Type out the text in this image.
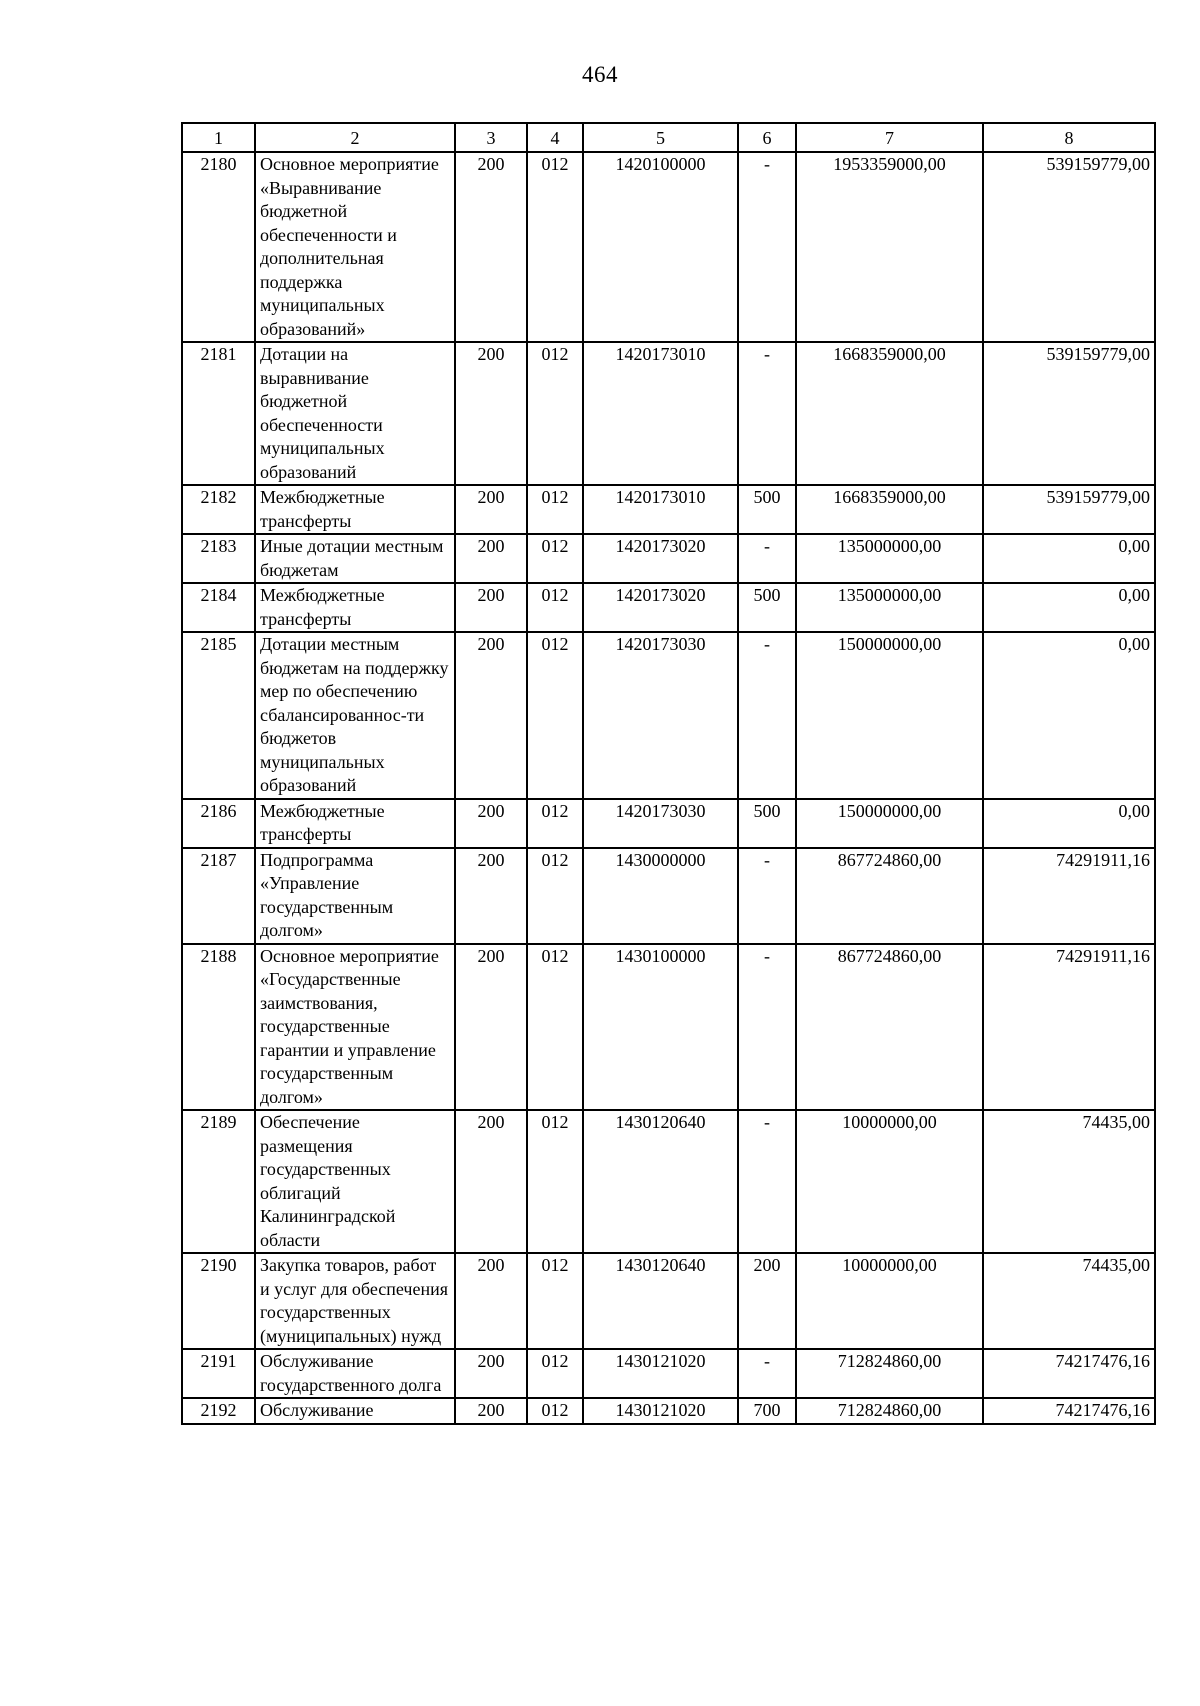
464
1	2	3	4	5	6	7	8
2180	Основное мероприятие «Выравнивание бюджетной обеспеченности и дополнительная поддержка муниципальных образований»	200	012	1420100000	-	1953359000,00	539159779,00
2181	Дотации на выравнивание бюджетной обеспеченности муниципальных образований	200	012	1420173010	-	1668359000,00	539159779,00
2182	Межбюджетные трансферты	200	012	1420173010	500	1668359000,00	539159779,00
2183	Иные дотации местным бюджетам	200	012	1420173020	-	135000000,00	0,00
2184	Межбюджетные трансферты	200	012	1420173020	500	135000000,00	0,00
2185	Дотации местным бюджетам на поддержку мер по обеспечению сбалансированнос-ти бюджетов муниципальных образований	200	012	1420173030	-	150000000,00	0,00
2186	Межбюджетные трансферты	200	012	1420173030	500	150000000,00	0,00
2187	Подпрограмма «Управление государственным долгом»	200	012	1430000000	-	867724860,00	74291911,16
2188	Основное мероприятие «Государственные заимствования, государственные гарантии и управление государственным долгом»	200	012	1430100000	-	867724860,00	74291911,16
2189	Обеспечение размещения государственных облигаций Калининградской области	200	012	1430120640	-	10000000,00	74435,00
2190	Закупка товаров, работ и услуг для обеспечения государственных (муниципальных) нужд	200	012	1430120640	200	10000000,00	74435,00
2191	Обслуживание государственного долга	200	012	1430121020	-	712824860,00	74217476,16
2192	Обслуживание	200	012	1430121020	700	712824860,00	74217476,16
